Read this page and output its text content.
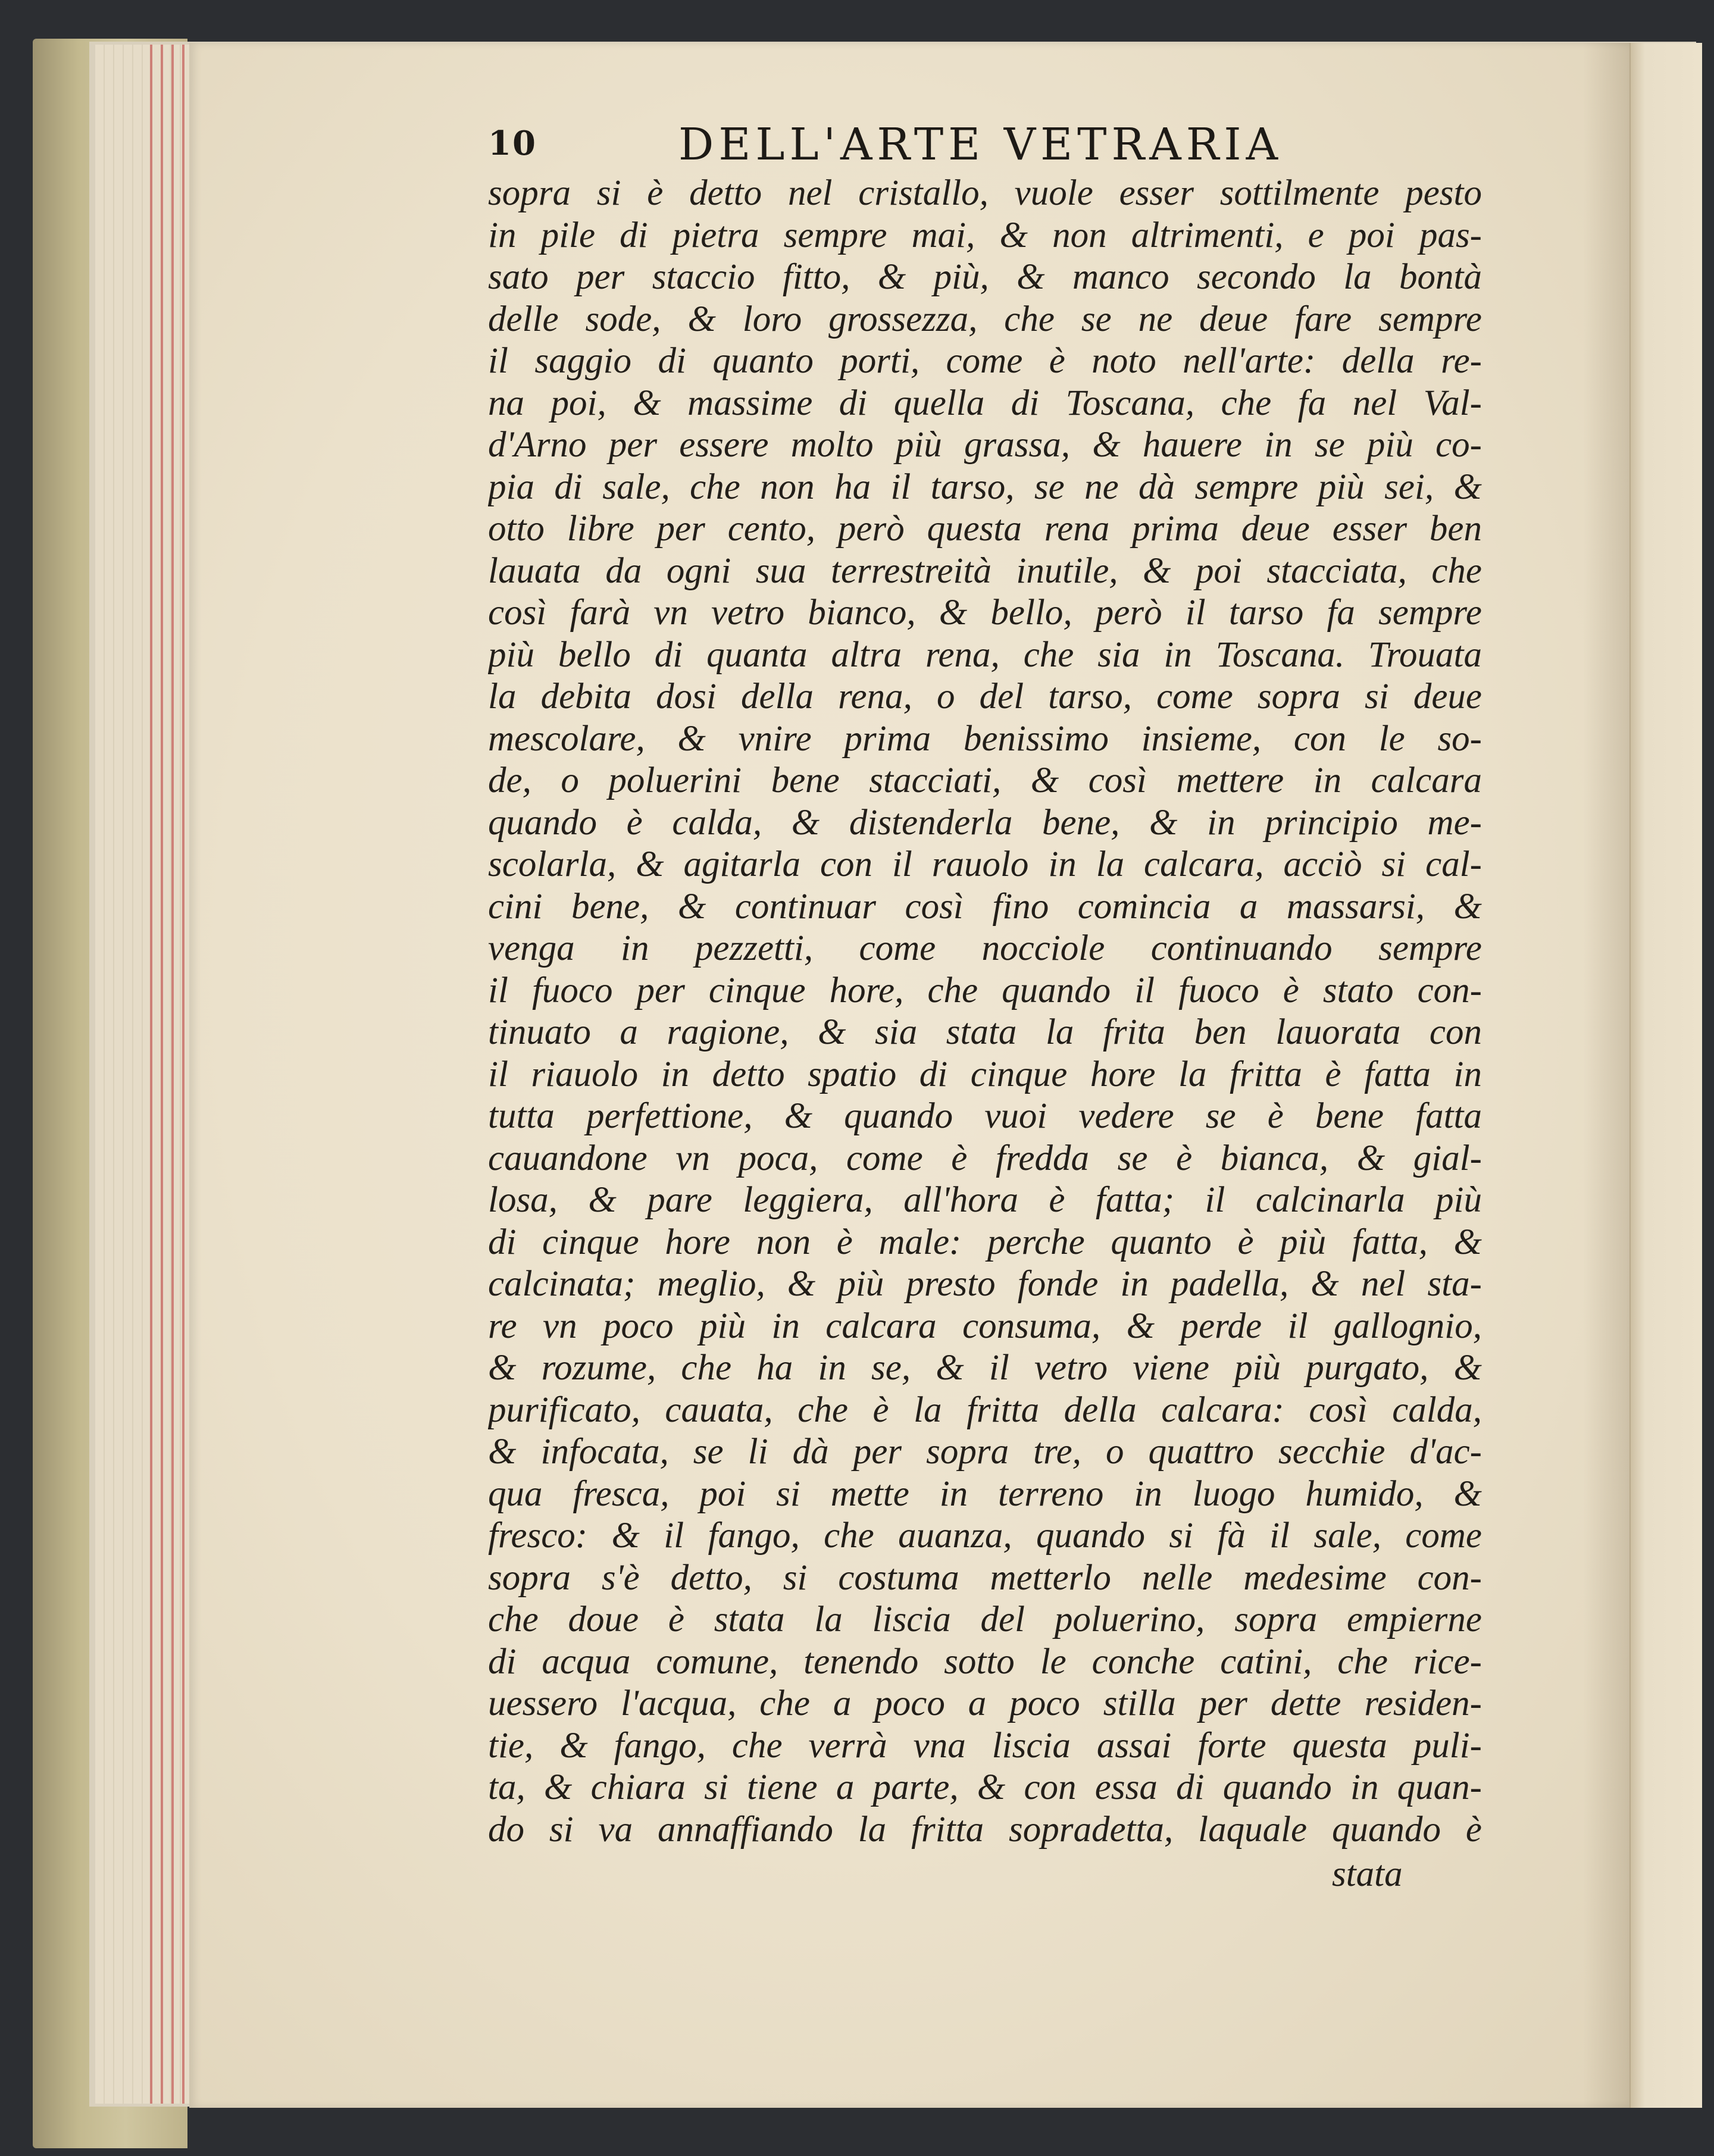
10	DELL'ARTE VETRARIA
sopra si è detto nel cristallo, vuole esser sottilmente pesto
in pile di pietra sempre mai, & non altrimenti, e poi pas-
sato per staccio fitto, & più, & manco secondo la bontà
delle sode, & loro grossezza, che se ne deue fare sempre
il saggio di quanto porti, come è noto nell'arte: della re-
na poi, & massime di quella di Toscana, che fa nel Val-
d'Arno per essere molto più grassa, & hauere in se più co-
pia di sale, che non ha il tarso, se ne dà sempre più sei, &
otto libre per cento, però questa rena prima deue esser ben
lauata da ogni sua terrestreità inutile, & poi stacciata, che
così farà vn vetro bianco, & bello, però il tarso fa sempre
più bello di quanta altra rena, che sia in Toscana. Trouata
la debita dosi della rena, o del tarso, come sopra si deue
mescolare, & vnire prima benissimo insieme, con le so-
de, o poluerini bene stacciati, & così mettere in calcara
quando è calda, & distenderla bene, & in principio me-
scolarla, & agitarla con il rauolo in la calcara, acciò si cal-
cini bene, & continuar così fino comincia a massarsi, &
venga in pezzetti, come nocciole continuando sempre
il fuoco per cinque hore, che quando il fuoco è stato con-
tinuato a ragione, & sia stata la frita ben lauorata con
il riauolo in detto spatio di cinque hore la fritta è fatta in
tutta perfettione, & quando vuoi vedere se è bene fatta
cauandone vn poca, come è fredda se è bianca, & gial-
losa, & pare leggiera, all'hora è fatta; il calcinarla più
di cinque hore non è male: perche quanto è più fatta, &
calcinata; meglio, & più presto fonde in padella, & nel sta-
re vn poco più in calcara consuma, & perde il gallognio,
& rozume, che ha in se, & il vetro viene più purgato, &
purificato, cauata, che è la fritta della calcara: così calda,
& infocata, se li dà per sopra tre, o quattro secchie d'ac-
qua fresca, poi si mette in terreno in luogo humido, &
fresco: & il fango, che auanza, quando si fà il sale, come
sopra s'è detto, si costuma metterlo nelle medesime con-
che doue è stata la liscia del poluerino, sopra empierne
di acqua comune, tenendo sotto le conche catini, che rice-
uessero l'acqua, che a poco a poco stilla per dette residen-
tie, & fango, che verrà vna liscia assai forte questa puli-
ta, & chiara si tiene a parte, & con essa di quando in quan-
do si va annaffiando la fritta sopradetta, laquale quando è
stata
